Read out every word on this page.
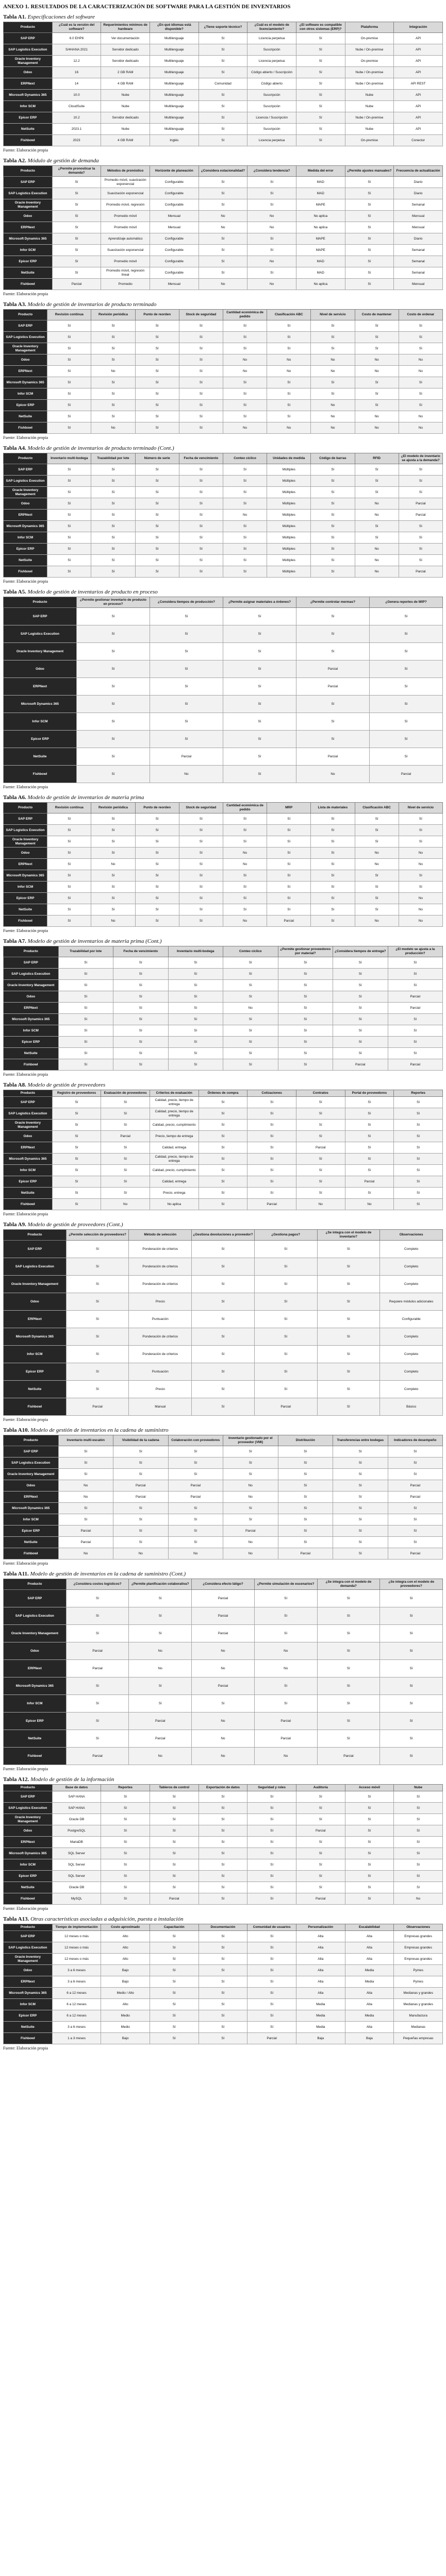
ANEXO 1. RESULTADOS DE LA CARACTERIZACIÓN DE SOFTWARE PARA LA GESTIÓN DE INVENTARIOS
Tabla A1. Especificaciones del software
Producto	¿Cuál es la versión del software?	Requerimientos mínimos de hardware	¿En qué idiomas está disponible?	¿Tiene soporte técnico?	¿Cuál es el modelo de licenciamiento?	¿El software es compatible con otros sistemas (ERP)?	Plataforma	Integración
SAP ERP	6.0 EHP8	Ver documentación	Multilenguaje	Sí	Licencia perpetua	Sí	On-premise	API
SAP Logistics Execution	S/4HANA 2021	Servidor dedicado	Multilenguaje	Sí	Suscripción	Sí	Nube / On-premise	API
Oracle Inventory Management	12.2	Servidor dedicado	Multilenguaje	Sí	Licencia perpetua	Sí	On-premise	API
Odoo	16	2 GB RAM	Multilenguaje	Sí	Código abierto / Suscripción	Sí	Nube / On-premise	API
ERPNext	14	4 GB RAM	Multilenguaje	Comunidad	Código abierto	Sí	Nube / On-premise	API REST
Microsoft Dynamics 365	10.0	Nube	Multilenguaje	Sí	Suscripción	Sí	Nube	API
Infor SCM	CloudSuite	Nube	Multilenguaje	Sí	Suscripción	Sí	Nube	API
Epicor ERP	10.2	Servidor dedicado	Multilenguaje	Sí	Licencia / Suscripción	Sí	Nube / On-premise	API
NetSuite	2023.1	Nube	Multilenguaje	Sí	Suscripción	Sí	Nube	API
Fishbowl	2023	4 GB RAM	Inglés	Sí	Licencia perpetua	Sí	On-premise	Conector
Fuente: Elaboración propia
Tabla A2. Módulo de gestión de demanda
Producto	¿Permite pronosticar la demanda?	Métodos de pronóstico	Horizonte de planeación	¿Considera estacionalidad?	¿Considera tendencia?	Medida del error	¿Permite ajustes manuales?	Frecuencia de actualización
SAP ERP	Sí	Promedio móvil, suavización exponencial	Configurable	Sí	Sí	MAD	Sí	Diario
SAP Logistics Execution	Sí	Suavización exponencial	Configurable	Sí	Sí	MAD	Sí	Diario
Oracle Inventory Management	Sí	Promedio móvil, regresión	Configurable	Sí	Sí	MAPE	Sí	Semanal
Odoo	Sí	Promedio móvil	Mensual	No	No	No aplica	Sí	Mensual
ERPNext	Sí	Promedio móvil	Mensual	No	No	No aplica	Sí	Mensual
Microsoft Dynamics 365	Sí	Aprendizaje automático	Configurable	Sí	Sí	MAPE	Sí	Diario
Infor SCM	Sí	Suavización exponencial	Configurable	Sí	Sí	MAPE	Sí	Semanal
Epicor ERP	Sí	Promedio móvil	Configurable	Sí	No	MAD	Sí	Semanal
NetSuite	Sí	Promedio móvil, regresión lineal	Configurable	Sí	Sí	MAD	Sí	Semanal
Fishbowl	Parcial	Promedio	Mensual	No	No	No aplica	Sí	Mensual
Fuente: Elaboración propia
Tabla A3. Modelo de gestión de inventarios de producto terminado
Producto	Revisión continua	Revisión periódica	Punto de reorden	Stock de seguridad	Cantidad económica de pedido	Clasificación ABC	Nivel de servicio	Costo de mantener	Costo de ordenar
SAP ERP	Sí	Sí	Sí	Sí	Sí	Sí	Sí	Sí	Sí
SAP Logistics Execution	Sí	Sí	Sí	Sí	Sí	Sí	Sí	Sí	Sí
Oracle Inventory Management	Sí	Sí	Sí	Sí	Sí	Sí	Sí	Sí	Sí
Odoo	Sí	Sí	Sí	Sí	No	No	No	No	No
ERPNext	Sí	No	Sí	Sí	No	No	No	No	No
Microsoft Dynamics 365	Sí	Sí	Sí	Sí	Sí	Sí	Sí	Sí	Sí
Infor SCM	Sí	Sí	Sí	Sí	Sí	Sí	Sí	Sí	Sí
Epicor ERP	Sí	Sí	Sí	Sí	Sí	Sí	No	Sí	Sí
NetSuite	Sí	Sí	Sí	Sí	Sí	Sí	No	No	No
Fishbowl	Sí	No	Sí	Sí	No	No	No	No	No
Fuente: Elaboración propia
Tabla A4. Modelo de gestión de inventarios de producto terminado (Cont.)
Producto	Inventario multi-bodega	Trazabilidad por lote	Número de serie	Fecha de vencimiento	Conteo cíclico	Unidades de medida	Código de barras	RFID	¿El modelo de inventario se ajusta a la demanda?
SAP ERP	Sí	Sí	Sí	Sí	Sí	Múltiples	Sí	Sí	Sí
SAP Logistics Execution	Sí	Sí	Sí	Sí	Sí	Múltiples	Sí	Sí	Sí
Oracle Inventory Management	Sí	Sí	Sí	Sí	Sí	Múltiples	Sí	Sí	Sí
Odoo	Sí	Sí	Sí	Sí	Sí	Múltiples	Sí	No	Parcial
ERPNext	Sí	Sí	Sí	Sí	No	Múltiples	Sí	No	Parcial
Microsoft Dynamics 365	Sí	Sí	Sí	Sí	Sí	Múltiples	Sí	Sí	Sí
Infor SCM	Sí	Sí	Sí	Sí	Sí	Múltiples	Sí	Sí	Sí
Epicor ERP	Sí	Sí	Sí	Sí	Sí	Múltiples	Sí	No	Sí
NetSuite	Sí	Sí	Sí	Sí	Sí	Múltiples	Sí	No	Sí
Fishbowl	Sí	Sí	Sí	Sí	Sí	Múltiples	Sí	No	Parcial
Fuente: Elaboración propia
Tabla A5. Modelo de gestión de inventarios de producto en proceso
Producto	¿Permite gestionar inventario de producto en proceso?	¿Considera tiempos de producción?	¿Permite asignar materiales a órdenes?	¿Permite controlar mermas?	¿Genera reportes de WIP?
SAP ERP	Sí	Sí	Sí	Sí	Sí
SAP Logistics Execution	Sí	Sí	Sí	Sí	Sí
Oracle Inventory Management	Sí	Sí	Sí	Sí	Sí
Odoo	Sí	Sí	Sí	Parcial	Sí
ERPNext	Sí	Sí	Sí	Parcial	Sí
Microsoft Dynamics 365	Sí	Sí	Sí	Sí	Sí
Infor SCM	Sí	Sí	Sí	Sí	Sí
Epicor ERP	Sí	Sí	Sí	Sí	Sí
NetSuite	Sí	Parcial	Sí	Parcial	Sí
Fishbowl	Sí	No	Sí	No	Parcial
Fuente: Elaboración propia
Tabla A6. Modelo de gestión de inventarios de materia prima
Producto	Revisión continua	Revisión periódica	Punto de reorden	Stock de seguridad	Cantidad económica de pedido	MRP	Lista de materiales	Clasificación ABC	Nivel de servicio
SAP ERP	Sí	Sí	Sí	Sí	Sí	Sí	Sí	Sí	Sí
SAP Logistics Execution	Sí	Sí	Sí	Sí	Sí	Sí	Sí	Sí	Sí
Oracle Inventory Management	Sí	Sí	Sí	Sí	Sí	Sí	Sí	Sí	Sí
Odoo	Sí	Sí	Sí	Sí	No	Sí	Sí	No	No
ERPNext	Sí	No	Sí	Sí	No	Sí	Sí	No	No
Microsoft Dynamics 365	Sí	Sí	Sí	Sí	Sí	Sí	Sí	Sí	Sí
Infor SCM	Sí	Sí	Sí	Sí	Sí	Sí	Sí	Sí	Sí
Epicor ERP	Sí	Sí	Sí	Sí	Sí	Sí	Sí	Sí	No
NetSuite	Sí	Sí	Sí	Sí	Sí	Sí	Sí	Sí	No
Fishbowl	Sí	No	Sí	Sí	No	Parcial	Sí	No	No
Fuente: Elaboración propia
Tabla A7. Modelo de gestión de inventarios de materia prima (Cont.)
Producto	Trazabilidad por lote	Fecha de vencimiento	Inventario multi-bodega	Conteo cíclico	¿Permite gestionar proveedores por material?	¿Considera tiempos de entrega?	¿El modelo se ajusta a la producción?
SAP ERP	Sí	Sí	Sí	Sí	Sí	Sí	Sí
SAP Logistics Execution	Sí	Sí	Sí	Sí	Sí	Sí	Sí
Oracle Inventory Management	Sí	Sí	Sí	Sí	Sí	Sí	Sí
Odoo	Sí	Sí	Sí	Sí	Sí	Sí	Parcial
ERPNext	Sí	Sí	Sí	No	Sí	Sí	Parcial
Microsoft Dynamics 365	Sí	Sí	Sí	Sí	Sí	Sí	Sí
Infor SCM	Sí	Sí	Sí	Sí	Sí	Sí	Sí
Epicor ERP	Sí	Sí	Sí	Sí	Sí	Sí	Sí
NetSuite	Sí	Sí	Sí	Sí	Sí	Sí	Sí
Fishbowl	Sí	Sí	Sí	Sí	Sí	Parcial	Parcial
Fuente: Elaboración propia
Tabla A8. Modelo de gestión de proveedores
Producto	Registro de proveedores	Evaluación de proveedores	Criterios de evaluación	Órdenes de compra	Cotizaciones	Contratos	Portal de proveedores	Reportes
SAP ERP	Sí	Sí	Calidad, precio, tiempo de entrega	Sí	Sí	Sí	Sí	Sí
SAP Logistics Execution	Sí	Sí	Calidad, precio, tiempo de entrega	Sí	Sí	Sí	Sí	Sí
Oracle Inventory Management	Sí	Sí	Calidad, precio, cumplimiento	Sí	Sí	Sí	Sí	Sí
Odoo	Sí	Parcial	Precio, tiempo de entrega	Sí	Sí	Sí	Sí	Sí
ERPNext	Sí	Sí	Calidad, entrega	Sí	Sí	Parcial	Sí	Sí
Microsoft Dynamics 365	Sí	Sí	Calidad, precio, tiempo de entrega	Sí	Sí	Sí	Sí	Sí
Infor SCM	Sí	Sí	Calidad, precio, cumplimiento	Sí	Sí	Sí	Sí	Sí
Epicor ERP	Sí	Sí	Calidad, entrega	Sí	Sí	Sí	Parcial	Sí
NetSuite	Sí	Sí	Precio, entrega	Sí	Sí	Sí	Sí	Sí
Fishbowl	Sí	No	No aplica	Sí	Parcial	No	No	Sí
Fuente: Elaboración propia
Tabla A9. Modelo de gestión de proveedores (Cont.)
Producto	¿Permite selección de proveedores?	Método de selección	¿Gestiona devoluciones a proveedor?	¿Gestiona pagos?	¿Se integra con el modelo de inventario?	Observaciones
SAP ERP	Sí	Ponderación de criterios	Sí	Sí	Sí	Completo
SAP Logistics Execution	Sí	Ponderación de criterios	Sí	Sí	Sí	Completo
Oracle Inventory Management	Sí	Ponderación de criterios	Sí	Sí	Sí	Completo
Odoo	Sí	Precio	Sí	Sí	Sí	Requiere módulos adicionales
ERPNext	Sí	Puntuación	Sí	Sí	Sí	Configurable
Microsoft Dynamics 365	Sí	Ponderación de criterios	Sí	Sí	Sí	Completo
Infor SCM	Sí	Ponderación de criterios	Sí	Sí	Sí	Completo
Epicor ERP	Sí	Puntuación	Sí	Sí	Sí	Completo
NetSuite	Sí	Precio	Sí	Sí	Sí	Completo
Fishbowl	Parcial	Manual	Sí	Parcial	Sí	Básico
Fuente: Elaboración propia
Tabla A10. Modelo de gestión de inventarios en la cadena de suministro
Producto	Inventario multi-escalón	Visibilidad de la cadena	Colaboración con proveedores	Inventario gestionado por el proveedor (VMI)	Distribución	Transferencias entre bodegas	Indicadores de desempeño
SAP ERP	Sí	Sí	Sí	Sí	Sí	Sí	Sí
SAP Logistics Execution	Sí	Sí	Sí	Sí	Sí	Sí	Sí
Oracle Inventory Management	Sí	Sí	Sí	Sí	Sí	Sí	Sí
Odoo	No	Parcial	Parcial	No	Sí	Sí	Parcial
ERPNext	No	Parcial	Parcial	No	Sí	Sí	Parcial
Microsoft Dynamics 365	Sí	Sí	Sí	Sí	Sí	Sí	Sí
Infor SCM	Sí	Sí	Sí	Sí	Sí	Sí	Sí
Epicor ERP	Parcial	Sí	Sí	Parcial	Sí	Sí	Sí
NetSuite	Parcial	Sí	Sí	No	Sí	Sí	Sí
Fishbowl	No	No	No	No	Parcial	Sí	Parcial
Fuente: Elaboración propia
Tabla A11. Modelo de gestión de inventarios en la cadena de suministro (Cont.)
Producto	¿Considera costos logísticos?	¿Permite planificación colaborativa?	¿Considera efecto látigo?	¿Permite simulación de escenarios?	¿Se integra con el modelo de demanda?	¿Se integra con el modelo de proveedores?
SAP ERP	Sí	Sí	Parcial	Sí	Sí	Sí
SAP Logistics Execution	Sí	Sí	Parcial	Sí	Sí	Sí
Oracle Inventory Management	Sí	Sí	Parcial	Sí	Sí	Sí
Odoo	Parcial	No	No	No	Sí	Sí
ERPNext	Parcial	No	No	No	Sí	Sí
Microsoft Dynamics 365	Sí	Sí	Parcial	Sí	Sí	Sí
Infor SCM	Sí	Sí	Sí	Sí	Sí	Sí
Epicor ERP	Sí	Parcial	No	Parcial	Sí	Sí
NetSuite	Sí	Parcial	No	Parcial	Sí	Sí
Fishbowl	Parcial	No	No	No	Parcial	Sí
Fuente: Elaboración propia
Tabla A12. Modelo de gestión de la información
Producto	Base de datos	Reportes	Tableros de control	Exportación de datos	Seguridad y roles	Auditoría	Acceso móvil	Nube
SAP ERP	SAP HANA	Sí	Sí	Sí	Sí	Sí	Sí	Sí
SAP Logistics Execution	SAP HANA	Sí	Sí	Sí	Sí	Sí	Sí	Sí
Oracle Inventory Management	Oracle DB	Sí	Sí	Sí	Sí	Sí	Sí	Sí
Odoo	PostgreSQL	Sí	Sí	Sí	Sí	Parcial	Sí	Sí
ERPNext	MariaDB	Sí	Sí	Sí	Sí	Sí	Sí	Sí
Microsoft Dynamics 365	SQL Server	Sí	Sí	Sí	Sí	Sí	Sí	Sí
Infor SCM	SQL Server	Sí	Sí	Sí	Sí	Sí	Sí	Sí
Epicor ERP	SQL Server	Sí	Sí	Sí	Sí	Sí	Sí	Sí
NetSuite	Oracle DB	Sí	Sí	Sí	Sí	Sí	Sí	Sí
Fishbowl	MySQL	Sí	Parcial	Sí	Sí	Parcial	Sí	No
Fuente: Elaboración propia
Tabla A13. Otras características asociadas a adquisición, puesta a instalación
Producto	Tiempo de implementación	Costo aproximado	Capacitación	Documentación	Comunidad de usuarios	Personalización	Escalabilidad	Observaciones
SAP ERP	12 meses o más	Alto	Sí	Sí	Sí	Alta	Alta	Empresas grandes
SAP Logistics Execution	12 meses o más	Alto	Sí	Sí	Sí	Alta	Alta	Empresas grandes
Oracle Inventory Management	12 meses o más	Alto	Sí	Sí	Sí	Alta	Alta	Empresas grandes
Odoo	3 a 6 meses	Bajo	Sí	Sí	Sí	Alta	Media	Pymes
ERPNext	3 a 6 meses	Bajo	Sí	Sí	Sí	Alta	Media	Pymes
Microsoft Dynamics 365	6 a 12 meses	Medio / Alto	Sí	Sí	Sí	Alta	Alta	Medianas y grandes
Infor SCM	6 a 12 meses	Alto	Sí	Sí	Sí	Media	Alta	Medianas y grandes
Epicor ERP	6 a 12 meses	Medio	Sí	Sí	Sí	Media	Media	Manufactura
NetSuite	3 a 6 meses	Medio	Sí	Sí	Sí	Media	Alta	Medianas
Fishbowl	1 a 3 meses	Bajo	Sí	Sí	Parcial	Baja	Baja	Pequeñas empresas
Fuente: Elaboración propia
